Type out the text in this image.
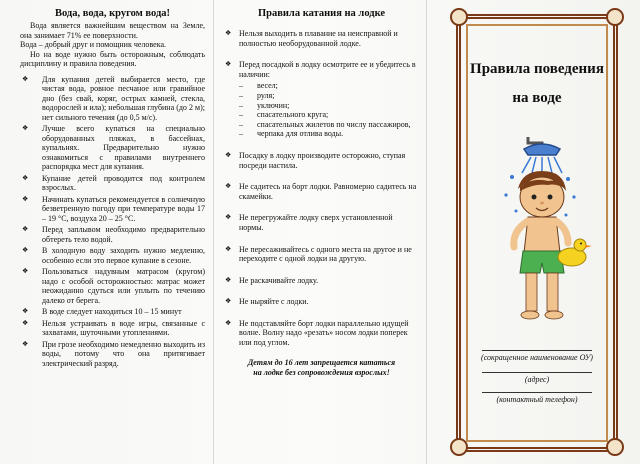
Вода, вода, кругом вода!

Вода является важнейшим веществом на Земле, она занимает 71% ее поверхности.

Вода – добрый друг и помощник человека.

Но на воде нужно быть осторожным, соблюдать дисциплину и правила поведения.

❖ Для купания детей выбирается место, где чистая вода, ровное песчаное или гравийное дно (без свай, коряг, острых камней, стекла, водорослей и ила); небольшая глубина (до 2 м); нет сильного течения (до 0,5 м/с).
❖ Лучше всего купаться на специально оборудованных пляжах, в бассейнах, купальнях. Предварительно нужно ознакомиться с правилами внутреннего распорядка мест для купания.
❖ Купание детей проводится под контролем взрослых.
❖ Начинать купаться рекомендуется в солнечную безветренную погоду при температуре воды 17 – 19 °C, воздуха 20 – 25 °C.
❖ Перед заплывом необходимо предварительно обтереть тело водой.
❖ В холодную воду заходить нужно медленно, особенно если это первое купание в сезоне.
❖ Пользоваться надувным матрасом (кругом) надо с особой осторожностью: матрас может неожиданно сдуться или уплыть по течению далеко от берега.
❖ В воде следует находиться 10 – 15 минут
❖ Нельзя устраивать в воде игры, связанные с захватами, шуточными утоплениями.
❖ При грозе необходимо немедленно выходить из воды, потому что она притягивает электрический разряд.
Правила катания на лодке
❖ Нельзя выходить в плавание на неисправной и полностью необорудованной лодке.
❖ Перед посадкой в лодку осмотрите ее и убедитесь в наличии:
– весел;
– руля;
– уключин;
– спасательного круга;
– спасательных жилетов по числу пассажиров,
– черпака для отлива воды.
❖ Посадку в лодку производите осторожно, ступая посреди настила.
❖ Не садитесь на борт лодки. Равномерно садитесь на скамейки.
❖ Не перегружайте лодку сверх установленной нормы.
❖ Не пересаживайтесь с одного места на другое и не переходите с одной лодки на другую.
❖ Не раскачивайте лодку.
❖ Не ныряйте с лодки.
❖ Не подставляйте борт лодки параллельно идущей волне. Волну надо «резать» носом лодки поперек или под углом.
Детям до 16 лет запрещается кататься
на лодке без сопровождения взрослых!
Правила поведения
на воде
(сокращенное наименование ОУ)
(адрес)
(контактный телефон)
